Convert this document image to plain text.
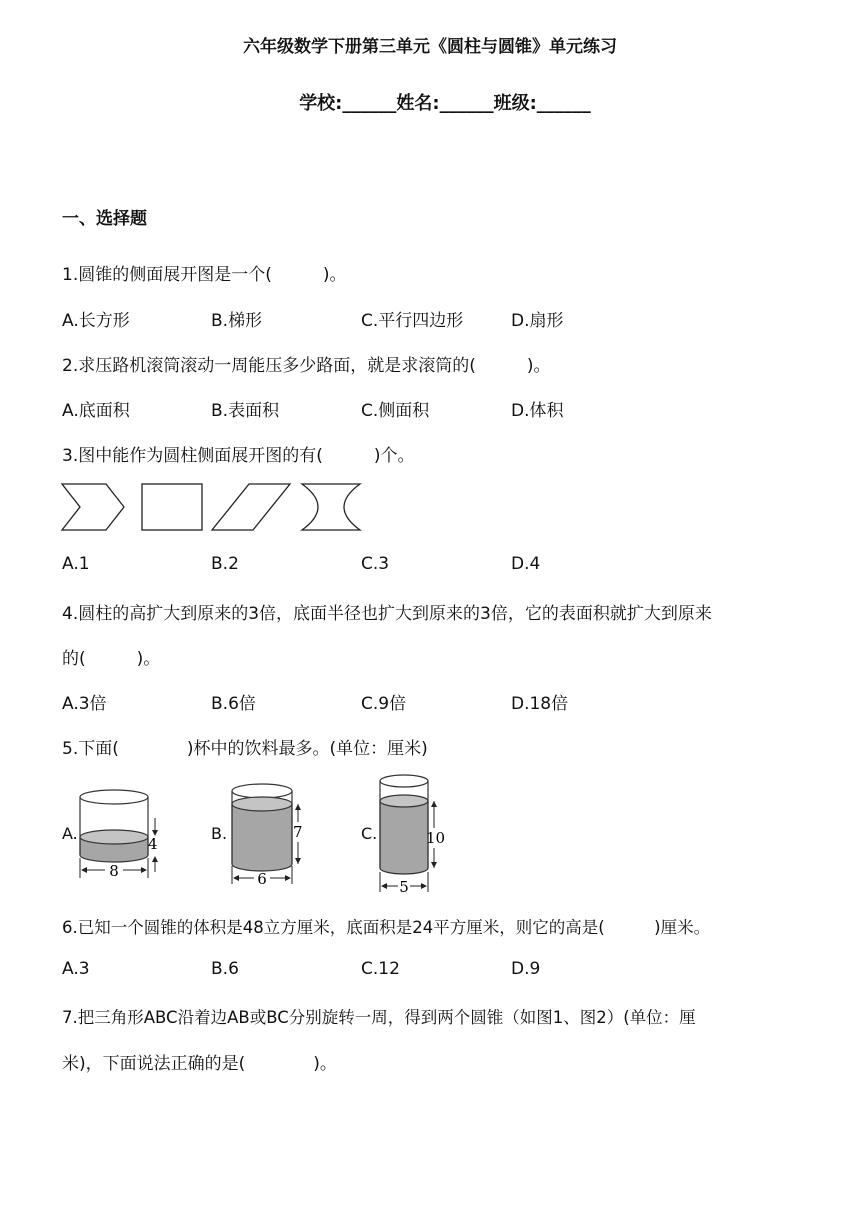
六年级数学下册第三单元《圆柱与圆锥》单元练习
学校:______姓名:______班级:______
一、选择题
1.圆锥的侧面展开图是一个(　　　)。
A.长方形	B.梯形	C.平行四边形	D.扇形
2.求压路机滚筒滚动一周能压多少路面，就是求滚筒的(　　　)。
A.底面积	B.表面积	C.侧面积	D.体积
3.图中能作为圆柱侧面展开图的有(　　　)个。
A.1	B.2	C.3	D.4
4.圆柱的高扩大到原来的3倍，底面半径也扩大到原来的3倍，它的表面积就扩大到原来
的(　　　)。
A.3倍	B.6倍	C.9倍	D.18倍
5.下面(　　　　)杯中的饮料最多。(单位：厘米)
A.
8
4
B.
6
7	C.
5
10
6.已知一个圆锥的体积是48立方厘米，底面积是24平方厘米，则它的高是(　　　)厘米。
A.3	B.6	C.12	D.9
7.把三角形ABC沿着边AB或BC分别旋转一周，得到两个圆锥（如图1、图2）(单位：厘
米)，下面说法正确的是(　　　　)。
